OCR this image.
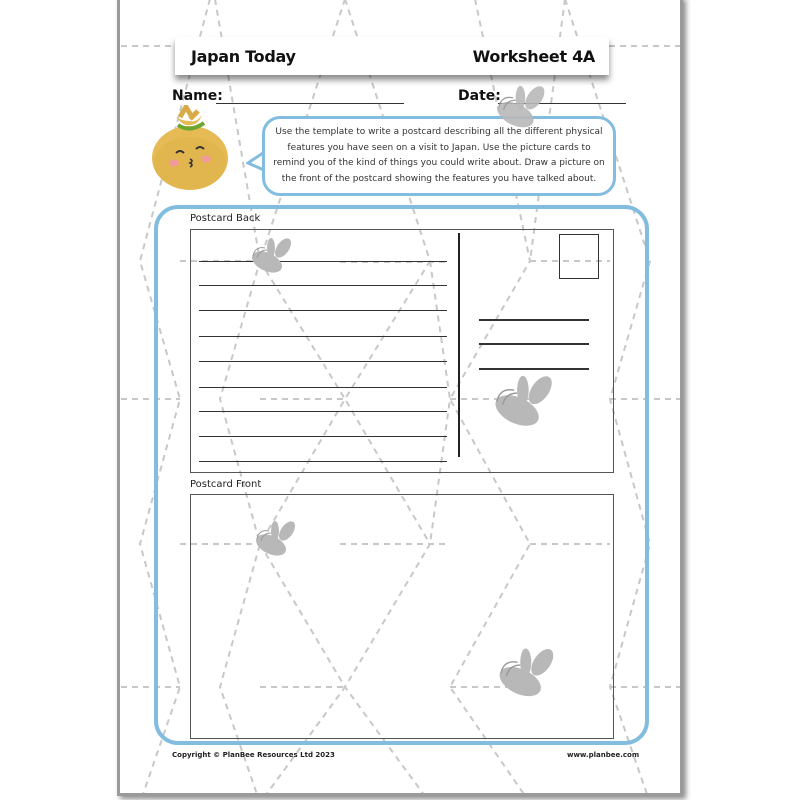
Japan Today	Worksheet 4A
Name:	Date:

Use the template to write a postcard describing all the different physical features you have seen on a visit to Japan. Use the picture cards to remind you of the kind of things you could write about. Draw a picture on the front of the postcard showing the features you have talked about.

Postcard Back
Postcard Front
Copyright © PlanBee Resources Ltd 2023	www.planbee.com
